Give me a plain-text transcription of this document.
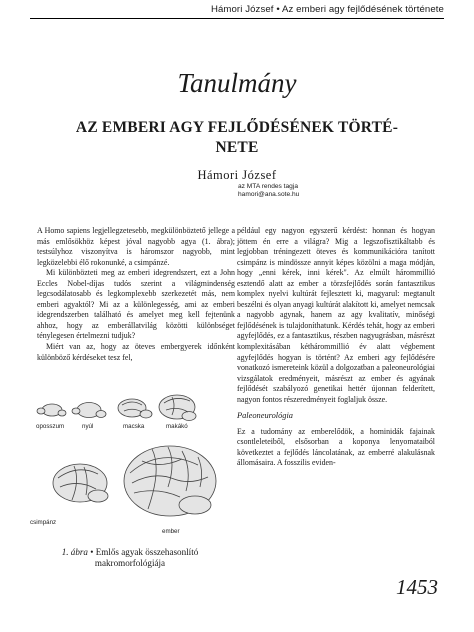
Hámori József • Az emberi agy fejlődésének története
Tanulmány
AZ EMBERI AGY FEJLŐDÉSÉNEK TÖRTÉ-
NETE
Hámori József
az MTA rendes tagja
hamori@ana.sote.hu

A Homo sapiens legjellegzetesebb, megkülönböztető jellege a más emlősökhöz képest jóval nagyobb agya (1. ábra); testsúlyhoz viszonyítva is háromszor nagyobb, mint legközelebbi élő rokonunké, a csimpánzé.

Mi különbözteti meg az emberi idegrendszert, ezt a John Eccles Nobel-díjas tudós szerint a világmindenség legcsodálatosabb és legkomplexebb szerkezetét más, nem emberi agyaktól? Mi az a különlegesség, ami az emberi idegrendszerben található és amelyet meg kell fejtenünk ahhoz, hogy az emberállatvilág közötti különbséget ténylegesen értelmezni tudjuk?

Miért van az, hogy az öteves embergyerek időnként különböző kérdéseket tesz fel,

oposszum	nyúl	macska	makákó
csimpánz
ember
1. ábra • Emlős agyak összehasonlító makromorfológiája

például egy nagyon egyszerű kérdést: honnan és hogyan jöttem én erre a világra? Mig a legszofisztikáltabb és legjobban tréningezett öteves és kommunikációra tanított csimpánz is mindössze annyit képes közölni a maga módján, hogy „enni kérek, inni kérek". Az elmúlt hárommillió esztendő alatt az ember a törzsfejlődés során fantasztikus komplex nyelvi kultúrát fejlesztett ki, magyarul: megtanult beszélni és olyan anyagi kultúrát alakított ki, amelyet nemcsak a nagyobb agynak, hanem az agy kvalitatív, minőségi fejlődésének is tulajdoníthatunk. Kérdés tehát, hogy az emberi agyfejlődés, ez a fantasztikus, részben nagyugrásban, másrészt komplexitásában kéthárommillió év alatt végbement agyfejlődés hogyan is történt? Az emberi agy fejlődésére vonatkozó ismereteink közül a dolgozatban a paleoneurológiai vizsgálatok eredményeit, másrészt az ember és agyának fejlődését szabályozó genetikai hettér újonnan felderített, nagyon fontos részeredményeit foglaljuk össze.

Paleoneurológia

Ez a tudomány az emberelődök, a hominidák fajainak csontleleteiből, elsősorban a koponya lenyomataiból következtet a fejlődés láncolatának, az emberré alakulásnak állomásaira. A fosszilis eviden-

1453
